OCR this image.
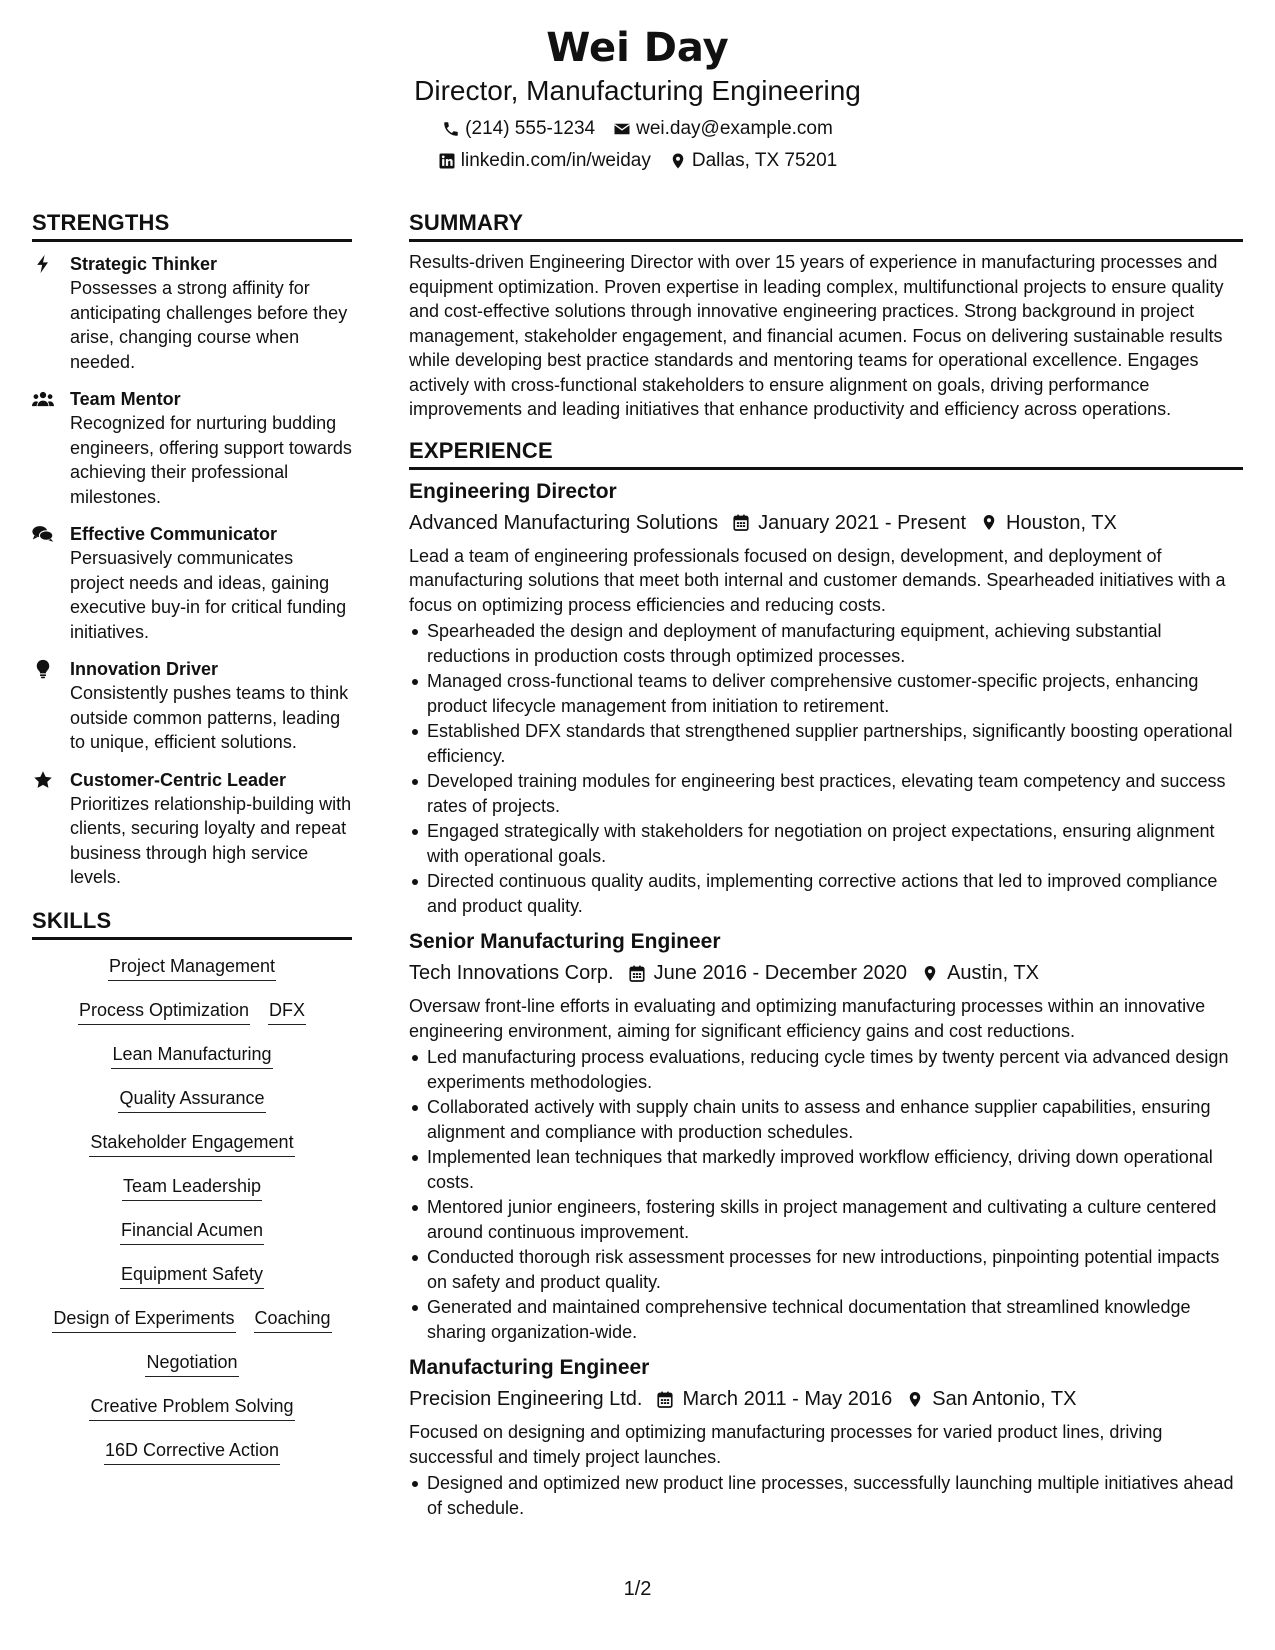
Wei Day
Director, Manufacturing Engineering
(214) 555-1234 wei.day@example.com
linkedin.com/in/weiday Dallas, TX 75201
STRENGTHS
Strategic Thinker
Possesses a strong affinity for anticipating challenges before they arise, changing course when needed.
Team Mentor
Recognized for nurturing budding engineers, offering support towards achieving their professional milestones.
Effective Communicator
Persuasively communicates project needs and ideas, gaining executive buy-in for critical funding initiatives.
Innovation Driver
Consistently pushes teams to think outside common patterns, leading to unique, efficient solutions.
Customer-Centric Leader
Prioritizes relationship-building with clients, securing loyalty and repeat business through high service levels.
SKILLS
Project Management
Process Optimization DFX
Lean Manufacturing
Quality Assurance
Stakeholder Engagement
Team Leadership
Financial Acumen
Equipment Safety
Design of Experiments Coaching
Negotiation
Creative Problem Solving
16D Corrective Action
SUMMARY
Results-driven Engineering Director with over 15 years of experience in manufacturing processes and equipment optimization. Proven expertise in leading complex, multifunctional projects to ensure quality and cost-effective solutions through innovative engineering practices. Strong background in project management, stakeholder engagement, and financial acumen. Focus on delivering sustainable results while developing best practice standards and mentoring teams for operational excellence. Engages actively with cross-functional stakeholders to ensure alignment on goals, driving performance improvements and leading initiatives that enhance productivity and efficiency across operations.
EXPERIENCE
Engineering Director
Advanced Manufacturing Solutions January 2021 - Present Houston, TX
Lead a team of engineering professionals focused on design, development, and deployment of manufacturing solutions that meet both internal and customer demands. Spearheaded initiatives with a focus on optimizing process efficiencies and reducing costs.
Spearheaded the design and deployment of manufacturing equipment, achieving substantial reductions in production costs through optimized processes.
Managed cross-functional teams to deliver comprehensive customer-specific projects, enhancing product lifecycle management from initiation to retirement.
Established DFX standards that strengthened supplier partnerships, significantly boosting operational efficiency.
Developed training modules for engineering best practices, elevating team competency and success rates of projects.
Engaged strategically with stakeholders for negotiation on project expectations, ensuring alignment with operational goals.
Directed continuous quality audits, implementing corrective actions that led to improved compliance and product quality.
Senior Manufacturing Engineer
Tech Innovations Corp. June 2016 - December 2020 Austin, TX
Oversaw front-line efforts in evaluating and optimizing manufacturing processes within an innovative engineering environment, aiming for significant efficiency gains and cost reductions.
Led manufacturing process evaluations, reducing cycle times by twenty percent via advanced design experiments methodologies.
Collaborated actively with supply chain units to assess and enhance supplier capabilities, ensuring alignment and compliance with production schedules.
Implemented lean techniques that markedly improved workflow efficiency, driving down operational costs.
Mentored junior engineers, fostering skills in project management and cultivating a culture centered around continuous improvement.
Conducted thorough risk assessment processes for new introductions, pinpointing potential impacts on safety and product quality.
Generated and maintained comprehensive technical documentation that streamlined knowledge sharing organization-wide.
Manufacturing Engineer
Precision Engineering Ltd. March 2011 - May 2016 San Antonio, TX
Focused on designing and optimizing manufacturing processes for varied product lines, driving successful and timely project launches.
Designed and optimized new product line processes, successfully launching multiple initiatives ahead of schedule.
1/2
